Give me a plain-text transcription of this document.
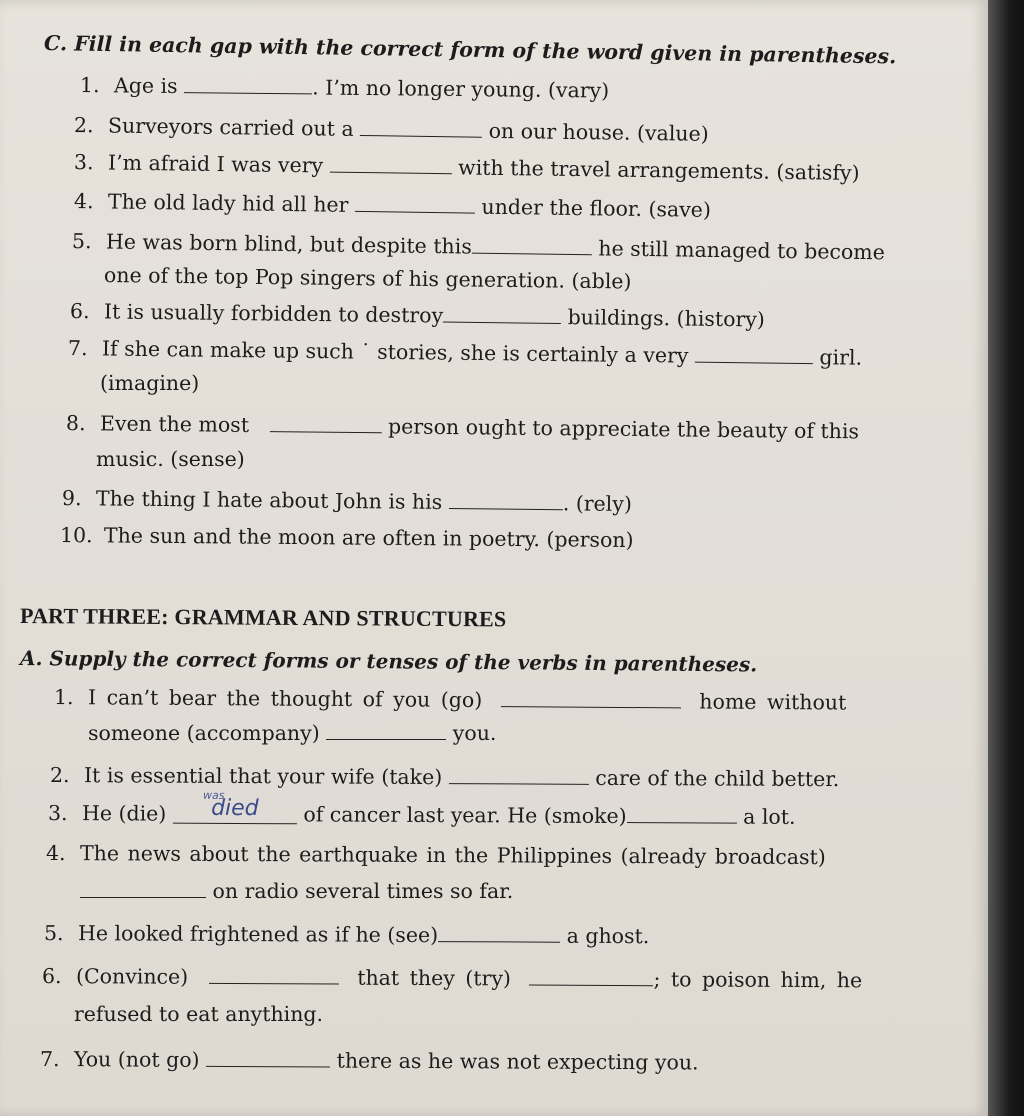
C. Fill in each gap with the correct form of the word given in parentheses.
1. Age is	. I’m no longer young. (vary)
2. Surveyors carried out a	on our house. (value)
3. I’m afraid I was very	with the travel arrangements. (satisfy)
4. The old lady hid all her	under the floor. (save)
5. He was born blind, but despite this	he still managed to become
one of the top Pop singers of his generation. (able)
6. It is usually forbidden to destroy	buildings. (history)
7. If she can make up such ˙ stories, she is certainly a very	girl.
(imagine)
8. Even the most	person ought to appreciate the beauty of this
music. (sense)
9. The thing I hate about John is his	. (rely)
10. The sun and the moon are often in poetry. (person)
PART THREE: GRAMMAR AND STRUCTURES
A. Supply the correct forms or tenses of the verbs in parentheses.
1. I can’t bear the thought of you (go)	home without
someone (accompany)	you.
2. It is essential that your wife (take)	care of the child better.
3. He (die)
was
died of cancer last year. He (smoke)	a lot.
4. The news about the earthquake in the Philippines (already broadcast)
on radio several times so far.
5. He looked frightened as if he (see)	a ghost.
6. (Convince)	that they (try)	; to poison him, he
refused to eat anything.
7. You (not go)	there as he was not expecting you.
